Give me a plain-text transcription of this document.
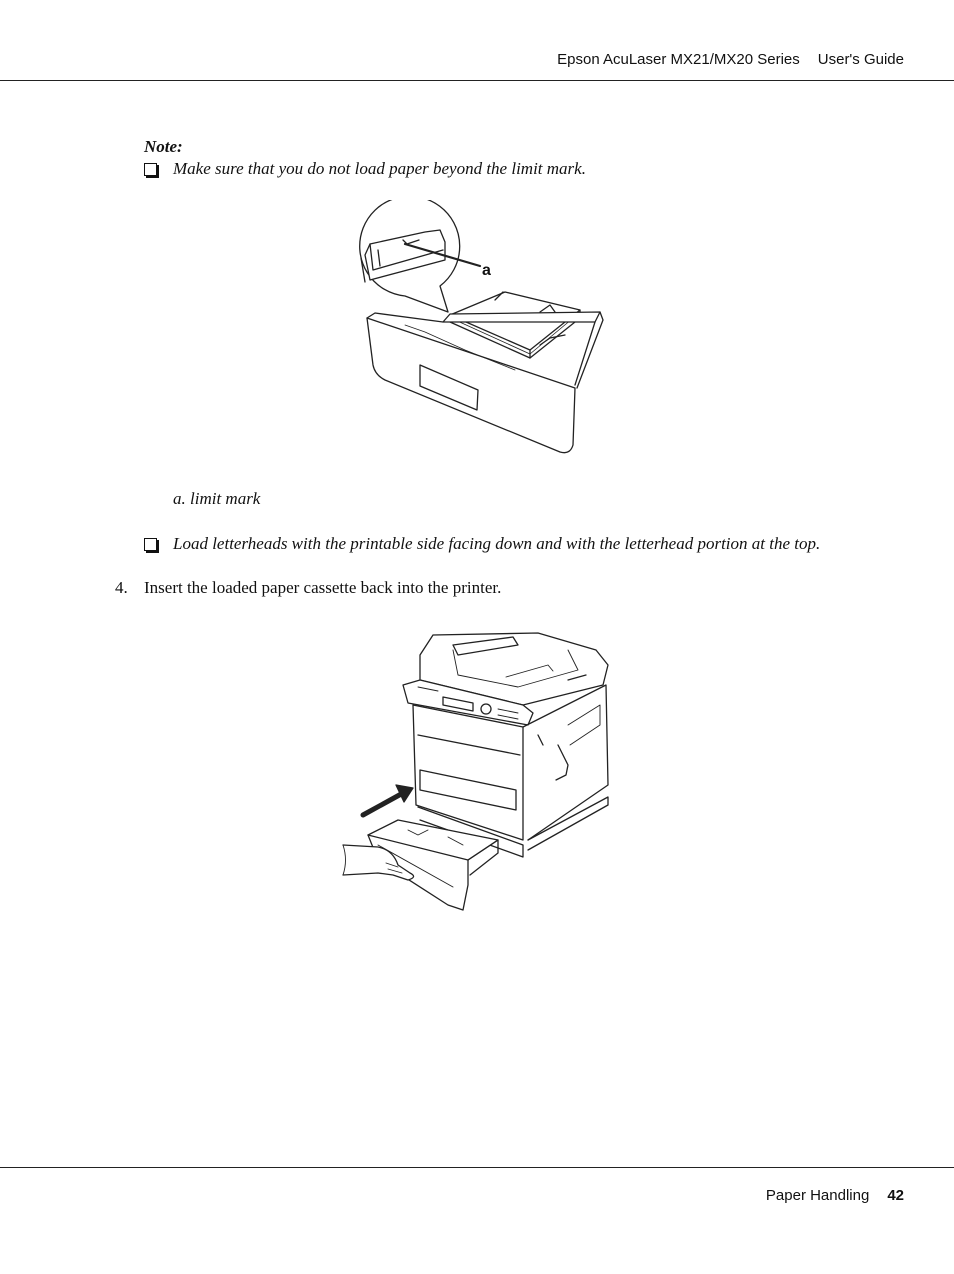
Epson AcuLaser MX21/MX20 Series User's Guide
Note:
Make sure that you do not load paper beyond the limit mark.
a
a. limit mark
Load letterheads with the printable side facing down and with the letterhead portion at the top.
4. Insert the loaded paper cassette back into the printer.
Paper Handling 42
